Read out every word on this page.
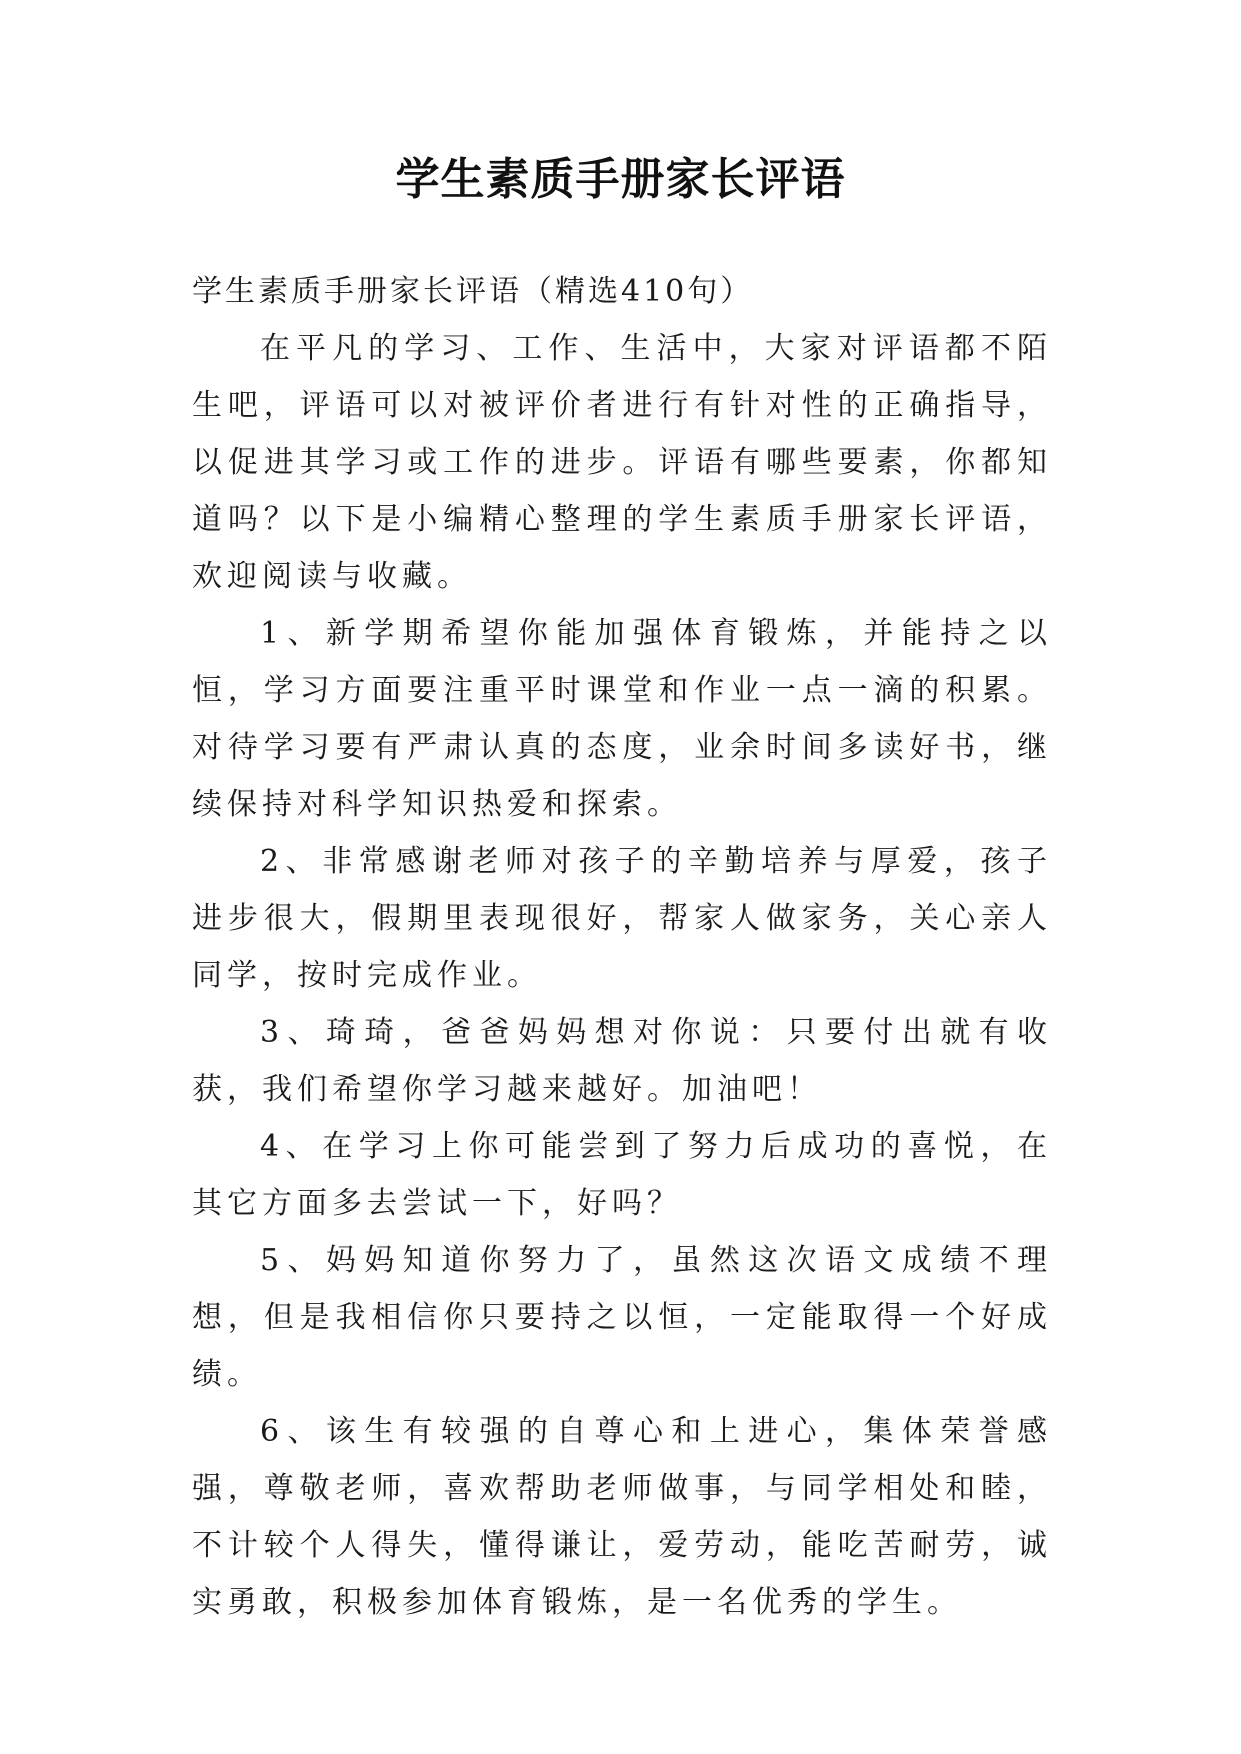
学生素质手册家长评语

学生素质手册家长评语（精选410句）

在平凡的学习、工作、生活中，大家对评语都不陌生吧，评语可以对被评价者进行有针对性的正确指导，以促进其学习或工作的进步。评语有哪些要素，你都知道吗？以下是小编精心整理的学生素质手册家长评语，欢迎阅读与收藏。

1、新学期希望你能加强体育锻炼，并能持之以恒，学习方面要注重平时课堂和作业一点一滴的积累。对待学习要有严肃认真的态度，业余时间多读好书，继续保持对科学知识热爱和探索。

2、非常感谢老师对孩子的辛勤培养与厚爱，孩子进步很大，假期里表现很好，帮家人做家务，关心亲人同学，按时完成作业。

3、琦琦，爸爸妈妈想对你说：只要付出就有收获，我们希望你学习越来越好。加油吧！

4、在学习上你可能尝到了努力后成功的喜悦，在其它方面多去尝试一下，好吗？

5、妈妈知道你努力了，虽然这次语文成绩不理想，但是我相信你只要持之以恒，一定能取得一个好成绩。

6、该生有较强的自尊心和上进心，集体荣誉感强，尊敬老师，喜欢帮助老师做事，与同学相处和睦，不计较个人得失，懂得谦让，爱劳动，能吃苦耐劳，诚实勇敢，积极参加体育锻炼，是一名优秀的学生。
